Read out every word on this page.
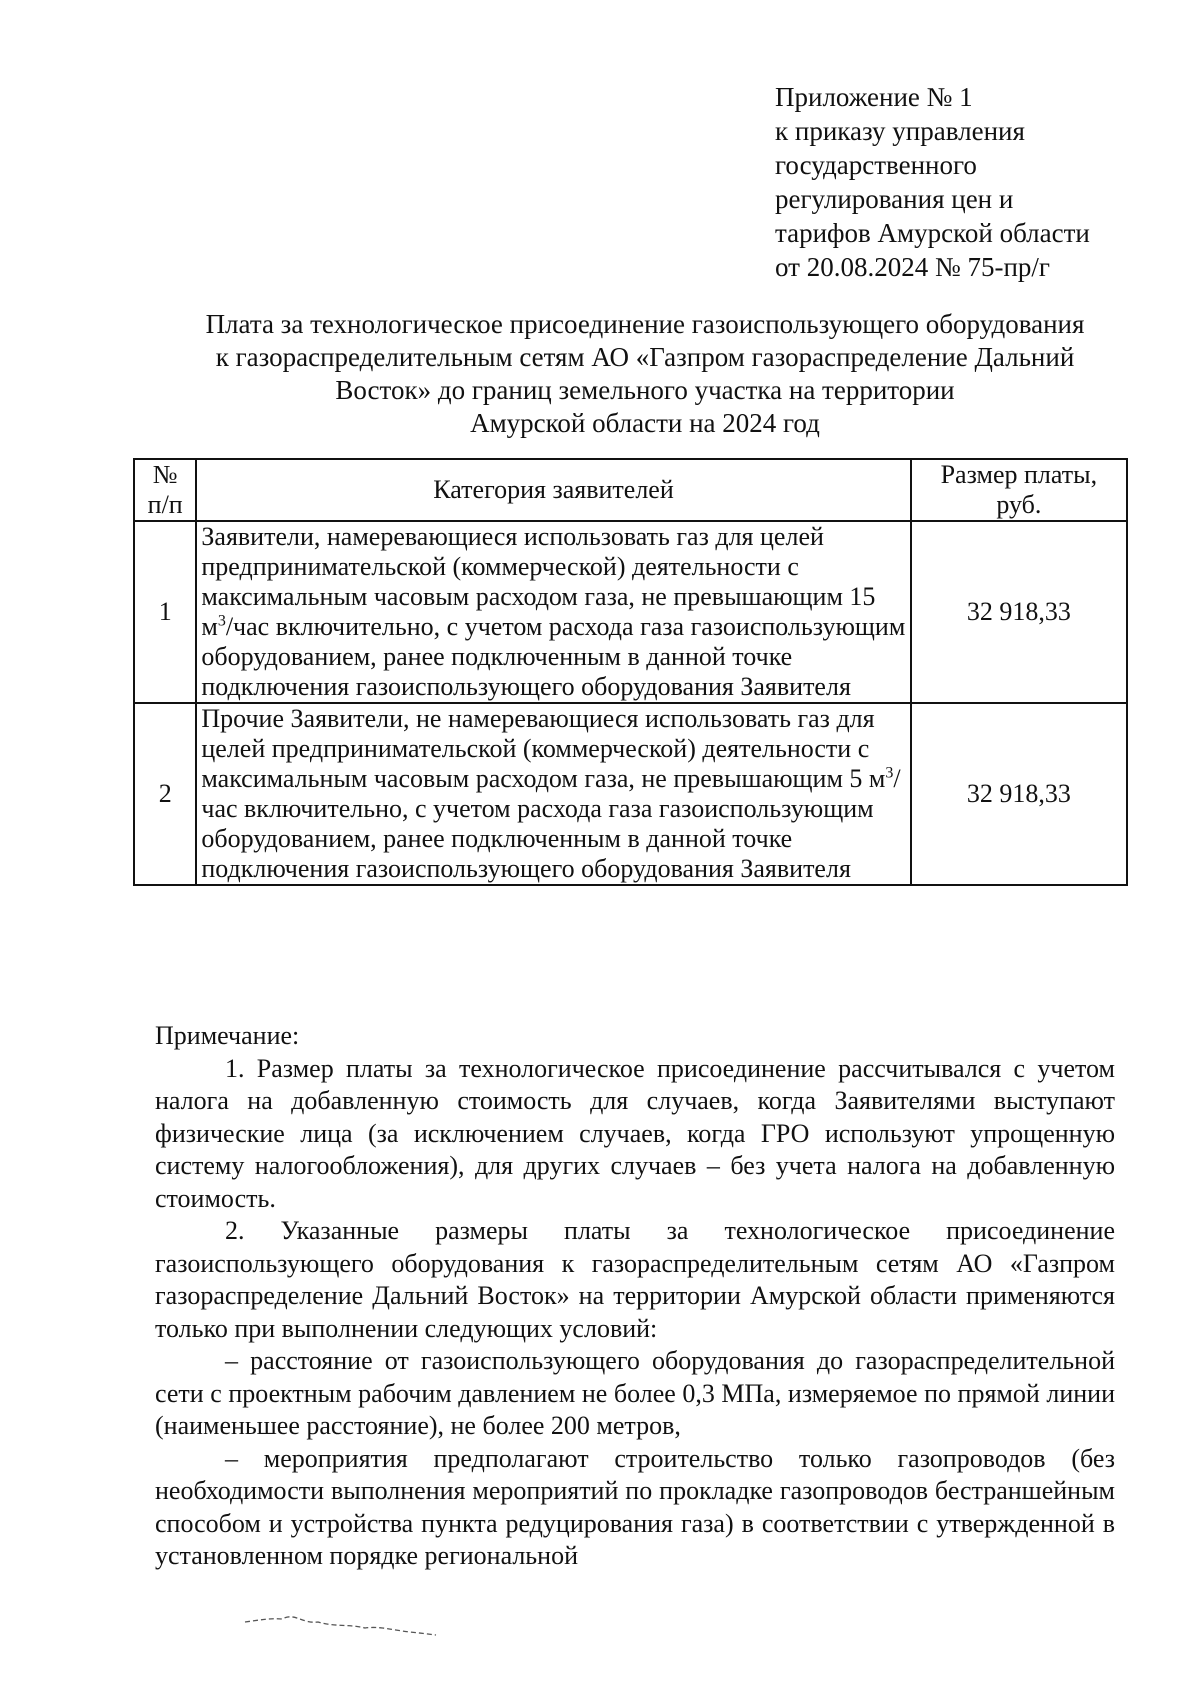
Приложение № 1
к приказу управления
государственного
регулирования цен и
тарифов Амурской области
от 20.08.2024 № 75-пр/г
Плата за технологическое присоединение газоиспользующего оборудования
к газораспределительным сетям АО «Газпром газораспределение Дальний
Восток» до границ земельного участка на территории
Амурской области на 2024 год
№ п/п	Категория заявителей	Размер платы, руб.
1	Заявители, намеревающиеся использовать газ для целей предпринимательской (коммерческой) деятельности с максимальным часовым расходом газа, не превышающим 15 $м^3$/час включительно, с учетом расхода газа газоиспользующим оборудованием, ранее подключенным в данной точке подключения газоиспользующего оборудования Заявителя	32 918,33
2	Прочие Заявители, не намеревающиеся использовать газ для целей предпринимательской (коммерческой) деятельности с максимальным часовым расходом газа, не превышающим 5 $м^3$/час включительно, с учетом расхода газа газоиспользующим оборудованием, ранее подключенным в данной точке подключения газоиспользующего оборудования Заявителя	32 918,33

Примечание:

1. Размер платы за технологическое присоединение рассчитывался с учетом налога на добавленную стоимость для случаев, когда Заявителями выступают физические лица (за исключением случаев, когда ГРО используют упрощенную систему налогообложения), для других случаев – без учета налога на добавленную стоимость.

2. Указанные размеры платы за технологическое присоединение газоиспользующего оборудования к газораспределительным сетям АО «Газпром газораспределение Дальний Восток» на территории Амурской области применяются только при выполнении следующих условий:

– расстояние от газоиспользующего оборудования до газораспределительной сети с проектным рабочим давлением не более 0,3 МПа, измеряемое по прямой линии (наименьшее расстояние), не более 200 метров,

– мероприятия предполагают строительство только газопроводов (без необходимости выполнения мероприятий по прокладке газопроводов бестраншейным способом и устройства пункта редуцирования газа) в соответствии с утвержденной в установленном порядке региональной
